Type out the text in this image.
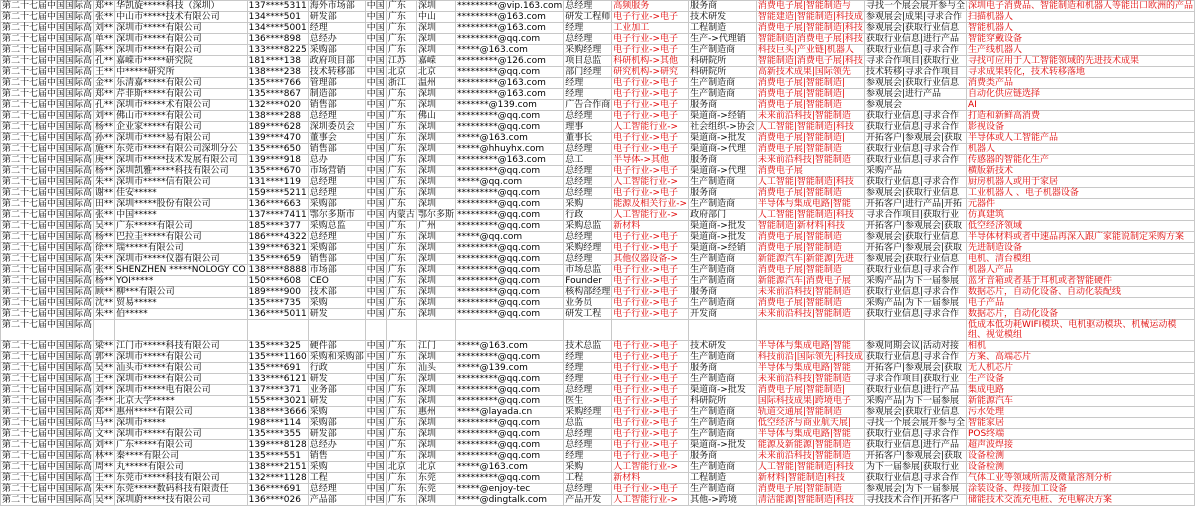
第二十七届中国国际高	郑**	华凯旋*****科技（深圳）	137****5311	海外市场部	中国	广东	深圳	*********@vip.163.com	总经理	高频服务	服务商	消费电子展|智能制造与	寻找一个展会展开参与全	深圳电子消费品、智能制造和机器人等能出口欧洲的产品
第二十七届中国国际高	张**	中山市*****技术有限公司	134****501	研发部	中国	广东	中山	*********@163.com	研发工程师	电子行业->电子	技术研发	智能建造|智能制造|科技成	参观展会|成果|寻求合作	扫描机器人
第二十七届中国国际高	刘**	深圳市*****有限公司	134****5001	经理	中国	广东	深圳	*********@163.com	经理	工业加工	工程制造	消费电子展|智能制造|科技	参观展会|获取行业信息	智能机器人
第二十七届中国国际高	单**	深圳市*****有限公司	136****898	总经办	中国	广东	深圳	*********@qq.com	总经理	电子行业->电子	生产->代理销	智能制造|消费电子展|科技	获取行业信息|进行产品	智能穿戴设备
第二十七届中国国际高	陈**	深圳市*****有限公司	133****8225	采购部	中国	广东	深圳	*****@163.com	采购经理	电子行业->电子	生产制造商	科技巨头|产业链|机器人	获取行业信息|寻求合作	生产线机器人
第二十七届中国国际高	孔**	嘉嵘市*****研究院	181****138	政府项目部	中国	江苏	嘉嵘	*********@126.com	项目总监	科研机构->其他	科研院所	智能制造|消费电子展|科技	寻求合作项目|获取行业	寻找可应用于人工智能领域的先进技术成果
第二十七届中国国际高	王**	中*****研究所	138****238	技术转移部	中国	北京	北京	*********@qq.com	部门经理	研究机构->研究	科研院所	高新技术成果|国际领先	技术转移|寻求合作项目	寻求成果转化，技术转移落地
第二十七届中国国际高	金**	乐清嘉*****有限公司	135****766	管理部	中国	浙江	温州	*********@163.com	经理	电子行业->电子	生产制造商	消费电子展|智能制造|	参观展会|获取行业信息	消费类产品
第二十七届中国国际高	郑**	芹菲斯*****有限公司	135****867	制造部	中国	广东	深圳	*********@163.com	经理	电子行业->电子	生产制造商	消费电子展|智能制造|	参观展会|进行产品	自动化供应链选择
第二十七届中国国际高	孔**	深圳市*****术有限公司	132****020	销售部	中国	广东	深圳	*******@139.com	广告合作商	电子行业->电子	服务商	消费电子展|智能制造	参观展会	AI
第二十七届中国国际高	刘**	佛山市*****有限公司	138****288	总经理	中国	广东	佛山	*********@qq.com	总经理	电子行业->电子	渠道商->经销	未来前沿科技|智能制造	获取行业信息|寻求合作	打造和新鲜高消费
第二十七届中国国际高	杨**	企业家*****有限公司	189****628	深圳委员会	中国	广东	深圳	*********@qq.com	理事	人工智能行业->	社会组织->协会	人工智能|智能制造|科技	获取行业信息|寻求合作	影视设备
第二十七届中国国际高	孙**	深圳市*****易有限公司	139****470	董事会	中国	广东	深圳	*****@163.com	董事长	电子行业->电子	渠道商->批发	消费电子展|智能制造|	开拓客户|参观展会|获取	半导体或人工智能产品
第二十七届中国国际高	施**	东莞市*****有限公司深圳分公	135****650	销售部	中国	广东	深圳	*****@hhuyhx.com	总经理	电子行业->电子	渠道商->代理	消费电子展|智能制造	获取行业信息|寻求合作	机器人
第二十七届中国国际高	庚**	深圳市*****技术发展有限公司	139****918	总办	中国	广东	深圳	*********@163.com	总工	半导体->其他	服务商	未来前沿科技|智能制造	获取行业信息|寻求合作	传感器的智能化生产
第二十七届中国国际高	杨**	深圳凯雅*****科技有限公司	135****670	市场营销	中国	广东	深圳	*********@qq.com	总经理	电子行业->电子	渠道商->代理	消费电子展	采购产品	横版新技术
第二十七届中国国际高	朱**	深圳市*****信有限公司	131****119	总经理	中国	广东	深圳	*****@qq.com	总经理	人工智能行业->	生产制造商	人工智能|智能制造|科技	获取行业信息|寻求合作	厨房机器人或用于家居
第二十七届中国国际高	谢**	佳安*****	159****5211	总经理	中国	广东	深圳	*********@qq.com	总经理	电子行业->电子	服务商	消费电子展|智能制造	参观展会|获取行业信息	工业机器人 、电子机器设备
第二十七届中国国际高	田**	深圳*****股份有限公司	136****663	采购部	中国	广东	深圳	*********@qq.com	采购	能源及相关行业->	生产制造商	半导体与集成电路|智能	开拓客户|进行产品|开拓	元器件
第二十七届中国国际高	张**	中国*****	137****7411	鄂尔多斯市	中国	内蒙古	鄂尔多斯	*********@qq.com	行政	人工智能行业->	政府部门	人工智能|智能制造|科技	寻求合作项目|获取行业	仿真建筑
第二十七届中国国际高	吴**	广东*****有限公司	185****377	采购总监	中国	广东	广州	*********@qq.com	采购总监	新材料	渠道商->批发	智能制造|新材料|科技	开拓客户|参观展会|获取	低空经济领域
第二十七届中国国际高	杨**	巴拉圭*****有限公司	186****4322	总经理	中国	广东	深圳	*****@qq.com	总经理	电子行业->电子	渠道商->批发	消费电子展|智能制造	参观展会|获取行业信息	半导体材料或者中速品再深入跟广家能说制定采购方案
第二十七届中国国际高	徐**	瑞*****有限公司	139****6321	采购部	中国	广东	深圳	*********@qq.com	采购经理	电子行业->电子	渠道商->经销	消费电子展|智能制造	开拓客户|参观展会|获取	先进制造设备
第二十七届中国国际高	朱**	深圳市*****仪器有限公司	135****659	销售部	中国	广东	深圳	*********@qq.com	总经理	其他仪器设备->	生产制造商	新能源汽车|新能源|先进	参观展会|获取行业信息	电机、清台模组
第二十七届中国国际高	张**	SHENZHEN *****NOLOGY CO	138****8888	市场部	中国	广东	深圳	*********@qq.com	市场总监	电子行业->电子	生产制造商	消费电子展|智能制造	获取行业信息|寻求合作	机器人产品
第二十七届中国国际高	杨**	YOI*****	150****608	CEO	中国	广东	深圳	*********@qq.com	Founder	电子行业->电子	生产制造商	新能源汽车|消费电子展	采购产品|为下一届参展	蓝牙音箱或者基于耳机或者智能硬件
第二十七届中国国际高	顾**	柳***有限公司	189****900	技术部	中国	广东	深圳	*********@qq.com	核构部经理	电子行业->电子	服务商	未来前沿科技|智能制造	获取行业信息|寻求合作	数据芯片，自动化设备、自动化装配线
第二十七届中国国际高	沈**	贸易*****	135****735	采购	中国	广东	深圳	*********@qq.com	业务员	电子行业->电子	生产制造商	消费电子展|智能制造	采购产品|为下一届参展	电子产品
第二十七届中国国际高	朱**	伯*****	136****5011	研发	中国	广东	深圳	*********@qq.com	研发工程	电子行业->电子	开发商	未来前沿科技|智能制造	获取行业信息|寻求合作	数据芯片，自动化设备
第二十七届中国国际高														低成本低功耗WIFI模块、电机驱动模块、机械运动模组、视觉模组
第二十七届中国国际高	梁**	江门市*****科技有限公司	135****325	硬件部	中国	广东	江门	*****@163.com	技术总监	电子行业->电子	技术研发	半导体与集成电路|智能	参观同期会议|活动对接	相机
第二十七届中国国际高	郭**	深圳市*****有限公司	135****1160	采购和采购部	中国	广东	深圳	*********@qq.com	经理	电子行业->电子	生产制造商	科技前沿|国际领先|科技成	获取行业信息|寻求合作	方案、高端芯片
第二十七届中国国际高	吴**	汕头市*****有限公司	135****691	行政	中国	广东	汕头	*****@139.com	经理	电子行业->电子	服务商	半导体与集成电路|智能	开拓客户|参观展会|获取	无人机芯片
第二十七届中国国际高	王**	深圳市*****有限公司	133****6121	研发	中国	广东	深圳	*********@qq.com	经理	电子行业->电子	生产制造商	未来前沿科技|智能制造	寻求合作项目|获取行业	生产设备
第二十七届中国国际高	刘**	深圳市*****电有限公司	137****371	业务部	中国	广东	深圳	*********@qq.com	总经理	电子行业->电子	渠道商->批发	消费电子展|智能制造|	获取行业信息|进行产品	集成电路
第二十七届中国国际高	李**	北京大学*****	155****3021	研发	中国	广东	深圳	*********@qq.com	医生	电子行业->电子	科研院所	国际科技成果|跨境电子	采购产品|为下一届参展	新能源汽车
第二十七届中国国际高	郑**	惠州*****有限公司	138****3666	采购	中国	广东	惠州	*****@layada.cn	采购经理	电子行业->电子	生产制造商	轨道交通展|智能制造	参观展会|获取行业信息	污水处理
第二十七届中国国际高	马**	深圳市*****	198****114	采购部	中国	广东	深圳	*********@qq.com	总监	电子行业->电子	生产制造商	低空经济与商业航天展|	寻找一个展会展开参与全	智能家居
第二十七届中国国际高	文**	深圳市*****有限公司	135****355	研发部	中国	广东	深圳	*********@qq.com	总经理	电子行业->电子	生产制造商	半导体与集成电路|智能	获取行业信息|寻求合作	POS终端
第二十七届中国国际高	刘**	广东*****有限公司	139****8128	总经办	中国	广东	深圳	*********@qq.com	总经理	电子行业->电子	渠道商->批发	能源及新能源|智能制造	获取行业信息|进行产品	超声波焊接
第二十七届中国国际高	林**	秦****有限公司	135****551	销售	中国	广东	深圳	*********@qq.com	经理	电子行业->电子	服务商	未来前沿科技|智能制造	开拓客户|参观展会|获取	设备检测
第二十七届中国国际高	周**	丸*****有限公司	138****2151	采购	中国	北京	北京	*****@163.com	采购	人工智能行业->	生产制造商	人工智能|智能制造|科技	为下一届参展|获取行业	设备检测
第二十七届中国国际高	王**	东莞市*****科技有限公司	132****1128	工程	中国	广东	东莞	*********@qq.com	工程	新材料	工程制造	新材料|智能制造|科技	获取行业信息|寻求合作	气体工业等领域所需及微量溶剂分析
第二十七届中国国际高	朱**	东莞*****数码科技有限责任	136****691	总经理	中国	广东	东莞	*****@enjoy-tec	总经理	电子行业->电子	生产制造商	消费电子展|智能制造	参观展会|为下一届参展	涂装设备、焊接加工设备
第二十七届中国国际高	吴**	深圳蔚*****技有限公司	136****026	产品部	中国	广东	深圳	*****@dingtalk.com	产品开发	人工智能行业->	其他->跨境	清洁能源|智能制造|科技	寻找技术合作|开拓客户	储能技术交流充电桩、充电解决方案
